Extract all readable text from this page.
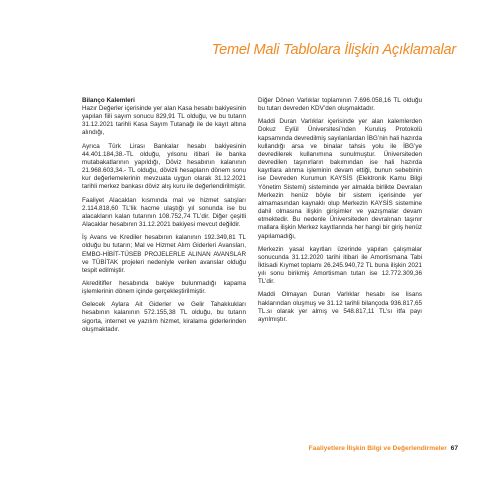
Temel Mali Tablolara İlişkin Açıklamalar
Bilanço Kalemleri

Hazır Değerler içerisinde yer alan Kasa hesabı bakiyesinin yapılan fiili sayım sonucu 829,91 TL olduğu, ve bu tutarın 31.12.2021 tarihli Kasa Sayım Tutanağı ile de kayıt altına alındığı,

Ayrıca Türk Lirası Bankalar hesabı bakiyesinin 44.401.184,38.-TL olduğu, yılsonu itibari ile banka mutabakatlarının yapıldığı, Döviz hesabının kalanının 21.968.603,34.- TL olduğu, dövizli hesapların dönem sonu kur değerlemelerinin mevzuata uygun olarak 31.12.2021 tarihli merkez bankası döviz alış kuru ile değerlendirilmiştir.

Faaliyet Alacakları kısmında mal ve hizmet satışları 2.114.818,60 TL’lik hacme ulaştığı yıl sonunda ise bu alacakların kalan tutarının 108.752,74 TL’dir. Diğer çeşitli Alacaklar hesabının 31.12.2021 bakiyesi mevcut değildir.

İş Avans ve Krediler hesabının kalanının 192.349,81 TL olduğu bu tutarın; Mal ve Hizmet Alım Giderleri Avansları, EMBO-HİBİT-TÜSEB PROJELERLE ALINAN AVANSLAR ve TÜBİTAK projeleri nedeniyle verilen avanslar olduğu tespit edilmiştir.

Akreditifler hesabında bakiye bulunmadığı kapama işlemlerinin dönem içinde gerçekleştirilmiştir.

Gelecek Aylara Ait Giderler ve Gelir Tahakkukları hesabının kalanının 572.155,38 TL olduğu, bu tutarın sigorta, internet ve yazılım hizmet, kiralama giderlerinden oluşmaktadır.

Diğer Dönen Varlıklar toplamının 7.696.058,16 TL olduğu bu tutarı devreden KDV’den oluşmaktadır.

Maddi Duran Varlıklar içerisinde yer alan kalemlerden Dokuz Eylül Üniversitesi’nden Kuruluş Protokolü kapsamında devredilmiş sayılanlardan İBG’nin hali hazırda kullandığı arsa ve binalar tahsis yolu ile İBG’ye devredilerek kullanımına sunulmuştur. Üniversiteden devredilen taşınırların bakımından ise hali hazırda kayıtlara alınma işleminin devam ettiği, bunun sebebinin ise Devreden Kurumun KAYSİS (Elektronik Kamu Bilgi Yönetim Sistemi) sisteminde yer almakla birlikte Devralan Merkezin henüz böyle bir sistem içerisinde yer almamasından kaynaklı olup Merkezin KAYSİS sistemine dahil olmasına ilişkin girişimler ve yazışmalar devam etmektedir. Bu nedenle Üniversiteden devralınan taşınır mallara ilişkin Merkez kayıtlarında her hangi bir giriş henüz yapılamadığı,

Merkezin yasal kayıtları üzerinde yapılan çalışmalar sonucunda 31.12.2020 tarihi itibari ile Amortismana Tabi İktisadi Kıymet toplamı 26.245.940,72 TL buna ilişkin 2021 yılı sonu birikmiş Amortisman tutarı ise 12.772.309,36 TL’dir.

Maddi Olmayan Duran Varlıklar hesabı ise lisans haklarından oluşmuş ve 31.12 tarihli bilançoda 936.817,65 TL.sı olarak yer almış ve 548.817,11 TL’sı itfa payı ayrılmıştır.

Faaliyetlere İlişkin Bilgi ve Değerlendirmeler 67
